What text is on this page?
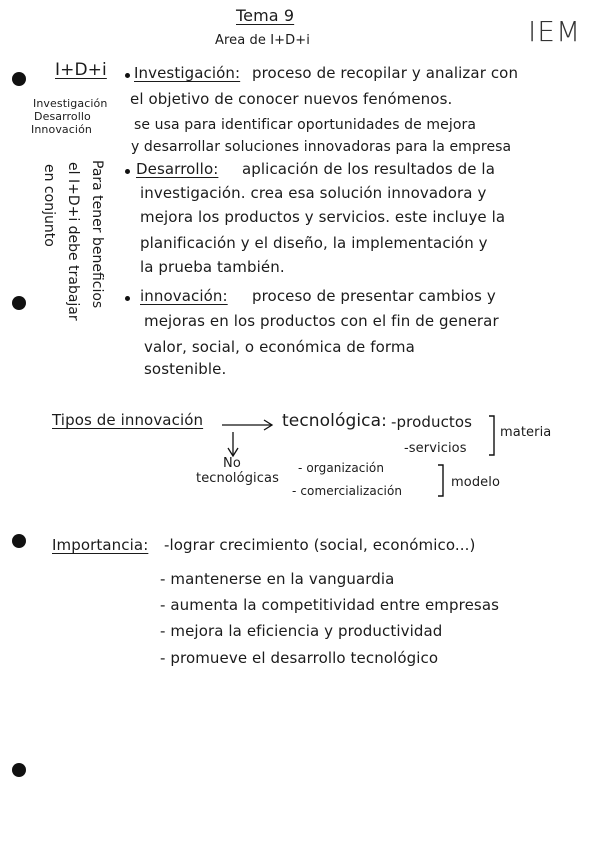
Tema 9
Area de I+D+i	IEM
I+D+i
Investigación
Desarrollo
Innovación
Para tener beneficios
el I+D+i debe trabajar
en conjunto
Investigación: proceso de recopilar y analizar con
el objetivo de conocer nuevos fenómenos.
se usa para identificar oportunidades de mejora
y desarrollar soluciones innovadoras para la empresa
Desarrollo: aplicación de los resultados de la
investigación. crea esa solución innovadora y
mejora los productos y servicios. este incluye la
planificación y el diseño, la implementación y
la prueba también.
innovación: proceso de presentar cambios y
mejoras en los productos con el fin de generar
valor, social, o económica de forma
sostenible.
Tipos de innovación	tecnológica: -productos
-servicios
materia
No
tecnológicas
- organización
- comercialización
modelo
Importancia: -lograr crecimiento (social, económico...)
- mantenerse en la vanguardia
- aumenta la competitividad entre empresas
- mejora la eficiencia y productividad
- promueve el desarrollo tecnológico
